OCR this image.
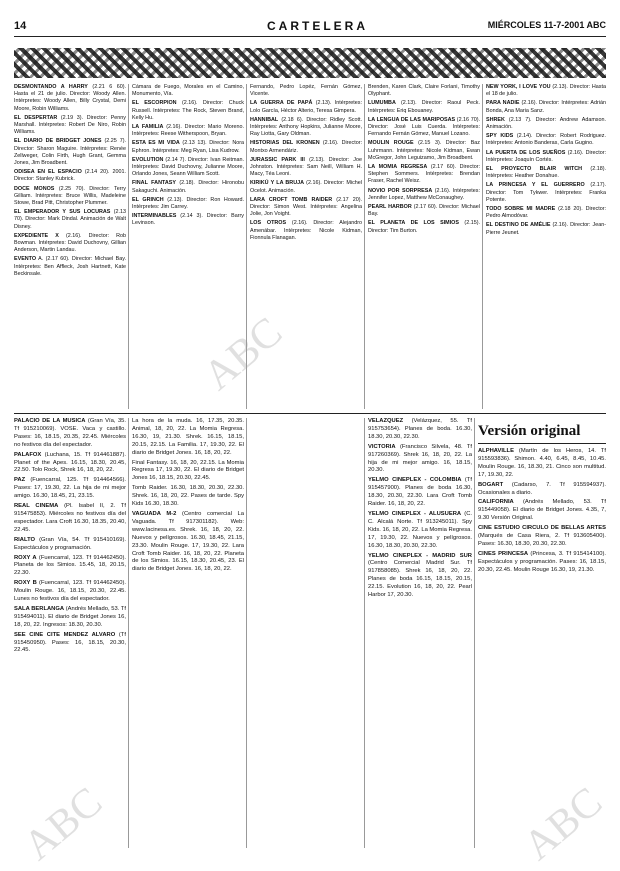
14	CARTELERA	MIÉRCOLES 11-7-2001 ABC

DESMONTANDO A HARRY (2.21 6 60). Hasta el 21 de julio. Director: Woody Allen. Intérpretes: Woody Allen, Billy Crystal, Demi Moore, Robin Williams.

EL DESPERTAR (2.19 3). Director: Penny Marshall. Intérpretes: Robert De Niro, Robin Williams.

EL DIARIO DE BRIDGET JONES (2.25 7). Director: Sharon Maguire. Intérpretes: Renée Zellweger, Colin Firth, Hugh Grant, Gemma Jones, Jim Broadbent.

ODISEA EN EL ESPACIO (2.14 20). 2001. Director: Stanley Kubrick.

DOCE MONOS (2.25 70). Director: Terry Gilliam. Intérpretes: Bruce Willis, Madeleine Stowe, Brad Pitt, Christopher Plummer.

EL EMPERADOR Y SUS LOCURAS (2.13 70). Director: Mark Dindal. Animación de Walt Disney.

EXPEDIENTE X (2.16). Director: Rob Bowman. Intérpretes: David Duchovny, Gillian Anderson, Martin Landau.

EVENTO A. (2.17 60). Director: Michael Bay. Intérpretes: Ben Affleck, Josh Hartnett, Kate Beckinsale.

Cámara de Fuego, Morales en el Camino, Monumento, Vía.

EL ESCORPION (2.16). Director: Chuck Russell. Intérpretes: The Rock, Steven Brand, Kelly Hu.

LA FAMILIA (2.16). Director: Mario Moreno. Intérpretes: Reese Witherspoon, Bryan.

ESTA ES MI VIDA (2.13 13). Director: Nora Ephron. Intérpretes: Meg Ryan, Lisa Kudrow.

EVOLUTION (2.14 7). Director: Ivan Reitman. Intérpretes: David Duchovny, Julianne Moore, Orlando Jones, Seann William Scott.

FINAL FANTASY (2.18). Director: Hironobu Sakaguchi. Animación.

EL GRINCH (2.13). Director: Ron Howard. Intérpretes: Jim Carrey.

INTERMINABLES (2.14 3). Director: Barry Levinson.

Fernando, Pedro Lopéz, Fernán Gómez, Vicente.

LA GUERRA DE PAPÁ (2.13). Intérpretes: Lolo García, Héctor Alterio, Teresa Gimpera.

HANNIBAL (2.18 6). Director: Ridley Scott. Intérpretes: Anthony Hopkins, Julianne Moore, Ray Liotta, Gary Oldman.

HISTORIAS DEL KRONEN (2.16). Director: Montxo Armendáriz.

JURASSIC PARK III (2.13). Director: Joe Johnston. Intérpretes: Sam Neill, William H. Macy, Téa Leoni.

KIRIKÚ Y LA BRUJA (2.16). Director: Michel Ocelot. Animación.

LARA CROFT TOMB RAIDER (2.17 20). Director: Simon West. Intérpretes: Angelina Jolie, Jon Voight.

LOS OTROS (2.16). Director: Alejandro Amenábar. Intérpretes: Nicole Kidman, Fionnula Flanagan.

Brenden, Karen Clark, Claire Forlani, Timothy Olyphant.

LUMUMBA (2.13). Director: Raoul Peck. Intérpretes: Eriq Ebouaney.

LA LENGUA DE LAS MARIPOSAS (2.16 70). Director: José Luis Cuerda. Intérpretes: Fernando Fernán Gómez, Manuel Lozano.

MOULIN ROUGE (2.15 3). Director: Baz Luhrmann. Intérpretes: Nicole Kidman, Ewan McGregor, John Leguizamo, Jim Broadbent.

LA MOMIA REGRESA (2.17 60). Director: Stephen Sommers. Intérpretes: Brendan Fraser, Rachel Weisz.

NOVIO POR SORPRESA (2.16). Intérpretes: Jennifer Lopez, Matthew McConaughey.

PEARL HARBOR (2.17 60). Director: Michael Bay.

EL PLANETA DE LOS SIMIOS (2.15). Director: Tim Burton.

NEW YORK, I LOVE YOU (2.13). Director: Hasta el 18 de julio.

PARA NADIE (2.16). Director: Intérpretes: Adrián Bonda, Ana Maria Sanz.

SHREK (2.13 7). Director: Andrew Adamson. Animación.

SPY KIDS (2.14). Director: Robert Rodriguez. Intérpretes: Antonio Banderas, Carla Gugino.

LA PUERTA DE LOS SUEÑOS (2.16). Director: Intérpretes: Joaquín Cortés.

EL PROYECTO BLAIR WITCH (2.18). Intérpretes: Heather Donahue.

LA PRINCESA Y EL GUERRERO (2.17). Director: Tom Tykwer. Intérpretes: Franka Potente.

TODO SOBRE MI MADRE (2.18 20). Director: Pedro Almodóvar.

EL DESTINO DE AMÉLIE (2.16). Director: Jean-Pierre Jeunet.

PALACIO DE LA MUSICA (Gran Vía, 35. Tf 915210069). VOSE. Vaca y castillo. Pases: 16, 18.15, 20.35, 22.45. Miércoles no festivos día del espectador.

PALAFOX (Luchana, 15. Tf 914461887). Planet of the Apes. 16.15, 18.30, 20.45, 22.50. Tolo Rock, Shrek 16, 18, 20, 22.

PAZ (Fuencarral, 125. Tf 914464566). Pases: 17, 19.30, 22. La hija de mi mejor amigo. 16.30, 18.45, 21, 23.15.

REAL CINEMA (Pl. Isabel II, 2. Tf 915475853). Miércoles no festivos día del espectador. Lara Croft 16.30, 18.35, 20.40, 22.45.

RIALTO (Gran Vía, 54. Tf 915410169). Espectáculos y programación.

ROXY A (Fuencarral, 123. Tf 914462450). Planeta de los Simios. 15.45, 18, 20.15, 22.30.

ROXY B (Fuencarral, 123. Tf 914462450). Moulin Rouge. 16, 18.15, 20.30, 22.45. Lunes no festivos día del espectador.

SALA BERLANGA (Andrés Mellado, 53. Tf 915494011). El diario de Bridget Jones 16, 18, 20, 22. Ingresos: 18.30, 20.30.

SEE CINE CITE MENDEZ ALVARO (Tf 915450950). Pases: 16, 18.15, 20.30, 22.45.

La hora de la muda. 16, 17.35, 20.35. Animal, 18, 20, 22. La Momia Regresa. 16.30, 19, 21.30. Shrek. 16.15, 18.15, 20.15, 22.15. La Familia. 17, 19.30, 22. El diario de Bridget Jones. 16, 18, 20, 22.

Final Fantasy. 16, 18, 20, 22.15. La Momia Regresa 17, 19.30, 22. El diario de Bridget Jones 16, 18.15, 20.30, 22.45.

Tomb Raider. 16.30, 18.30, 20.30, 22.30. Shrek. 16, 18, 20, 22. Pases de tarde. Spy Kids 16.30, 18.30.

VAGUADA M-2 (Centro comercial La Vaguada. Tf 917301182). Web: www.lacinesa.es. Shrek. 16, 18, 20, 22. Nuevos y pelígrosos. 16.30, 18.45, 21.15, 23.30. Moulin Rouge. 17, 19.30, 22. Lara Croft Tomb Raider. 16, 18, 20, 22. Planeta de los Simios. 16.15, 18.30, 20.45, 23. El diario de Bridget Jones. 16, 18, 20, 22.

VELAZQUEZ (Velázquez, 55. Tf 915753654). Planes de boda. 16.30, 18.30, 20.30, 22.30.

VICTORIA (Francisco Silvela, 48. Tf 917260369). Shrek 16, 18, 20, 22. La hija de mi mejor amigo. 16, 18.15, 20.30.

YELMO CINEPLEX - COLOMBIA (Tf 915457900). Planes de boda 16.30, 18.30, 20.30, 22.30. Lara Croft Tomb Raider. 16, 18, 20, 22.

YELMO CINEPLEX - ALUSUERA (C. C. Alcalá Norte. Tf 913245011). Spy Kids. 16, 18, 20, 22. La Momia Regresa. 17, 19.30, 22. Nuevos y pelígrosos. 16.30, 18.30, 20.30, 22.30.

YELMO CINEPLEX - MADRID SUR (Centro Comercial Madrid Sur. Tf 917858085). Shrek 16, 18, 20, 22. Planes de boda 16.15, 18.15, 20.15, 22.15. Evolution 16, 18, 20, 22. Pearl Harbor 17, 20.30.

ALPHAVILLE (Martín de los Heros, 14. Tf 915593836). Shimon. 4.40, 6.45, 8.45, 10.45. Moulin Rouge. 16, 18.30, 21. Cinco son multitud. 17, 19.30, 22.

BOGART (Cadarso, 7. Tf 915594937). Ocasionales a diario.

CALIFORNIA (Andrés Mellado, 53. Tf 915449058). El diario de Bridget Jones. 4.35, 7, 9.30 Versión Original.

CINE ESTUDIO CIRCULO DE BELLAS ARTES (Marqués de Casa Riera, 2. Tf 913605400). Pases: 16.30, 18.30, 20.30, 22.30.

CINES PRINCESA (Princesa, 3. Tf 915414100). Espectáculos y programación. Pases: 16, 18.15, 20.30, 22.45. Moulin Rouge 16.30, 19, 21.30.

Versión original
ABC
ABC	ABC
